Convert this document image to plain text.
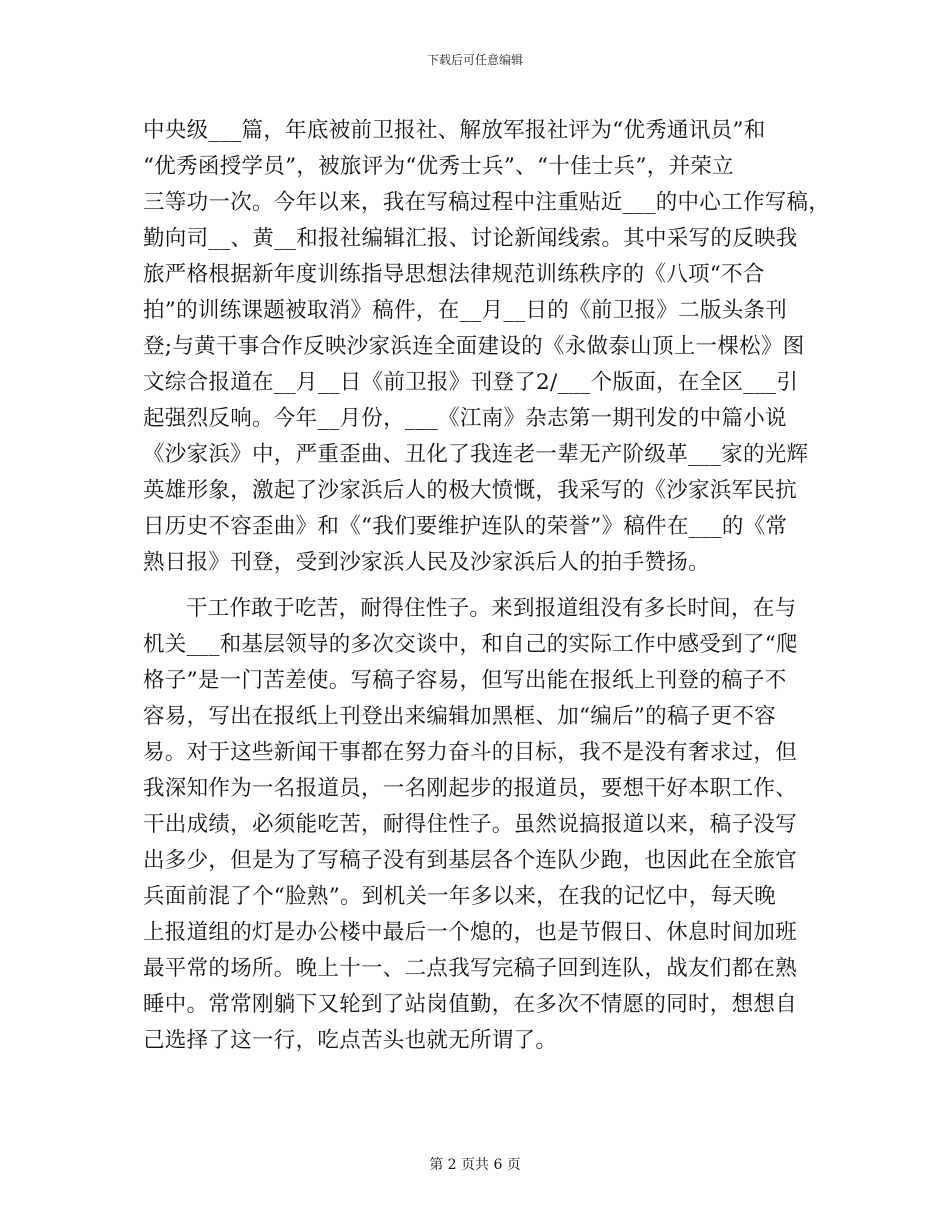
下载后可任意编辑
中央级___篇，年底被前卫报社、解放军报社评为“优秀通讯员”和
“优秀函授学员”，被旅评为“优秀士兵”、“十佳士兵”，并荣立
三等功一次。今年以来，我在写稿过程中注重贴近___的中心工作写稿，
勤向司__、黄__和报社编辑汇报、讨论新闻线索。其中采写的反映我
旅严格根据新年度训练指导思想法律规范训练秩序的《八项“不合
拍”的训练课题被取消》稿件，在__月__日的《前卫报》二版头条刊
登;与黄干事合作反映沙家浜连全面建设的《永做泰山顶上一棵松》图
文综合报道在__月__日《前卫报》刊登了2/___个版面，在全区___引
起强烈反响。今年__月份，___《江南》杂志第一期刊发的中篇小说
《沙家浜》中，严重歪曲、丑化了我连老一辈无产阶级革___家的光辉
英雄形象，激起了沙家浜后人的极大愤慨，我采写的《沙家浜军民抗
日历史不容歪曲》和《“我们要维护连队的荣誉”》稿件在___的《常
熟日报》刊登，受到沙家浜人民及沙家浜后人的拍手赞扬。
干工作敢于吃苦，耐得住性子。来到报道组没有多长时间，在与
机关___和基层领导的多次交谈中，和自己的实际工作中感受到了“爬
格子”是一门苦差使。写稿子容易，但写出能在报纸上刊登的稿子不
容易，写出在报纸上刊登出来编辑加黑框、加“编后”的稿子更不容
易。对于这些新闻干事都在努力奋斗的目标，我不是没有奢求过，但
我深知作为一名报道员，一名刚起步的报道员，要想干好本职工作、
干出成绩，必须能吃苦，耐得住性子。虽然说搞报道以来，稿子没写
出多少，但是为了写稿子没有到基层各个连队少跑，也因此在全旅官
兵面前混了个“脸熟”。到机关一年多以来，在我的记忆中，每天晚
上报道组的灯是办公楼中最后一个熄的，也是节假日、休息时间加班
最平常的场所。晚上十一、二点我写完稿子回到连队，战友们都在熟
睡中。常常刚躺下又轮到了站岗值勤，在多次不情愿的同时，想想自
己选择了这一行，吃点苦头也就无所谓了。
第 2 页共 6 页
